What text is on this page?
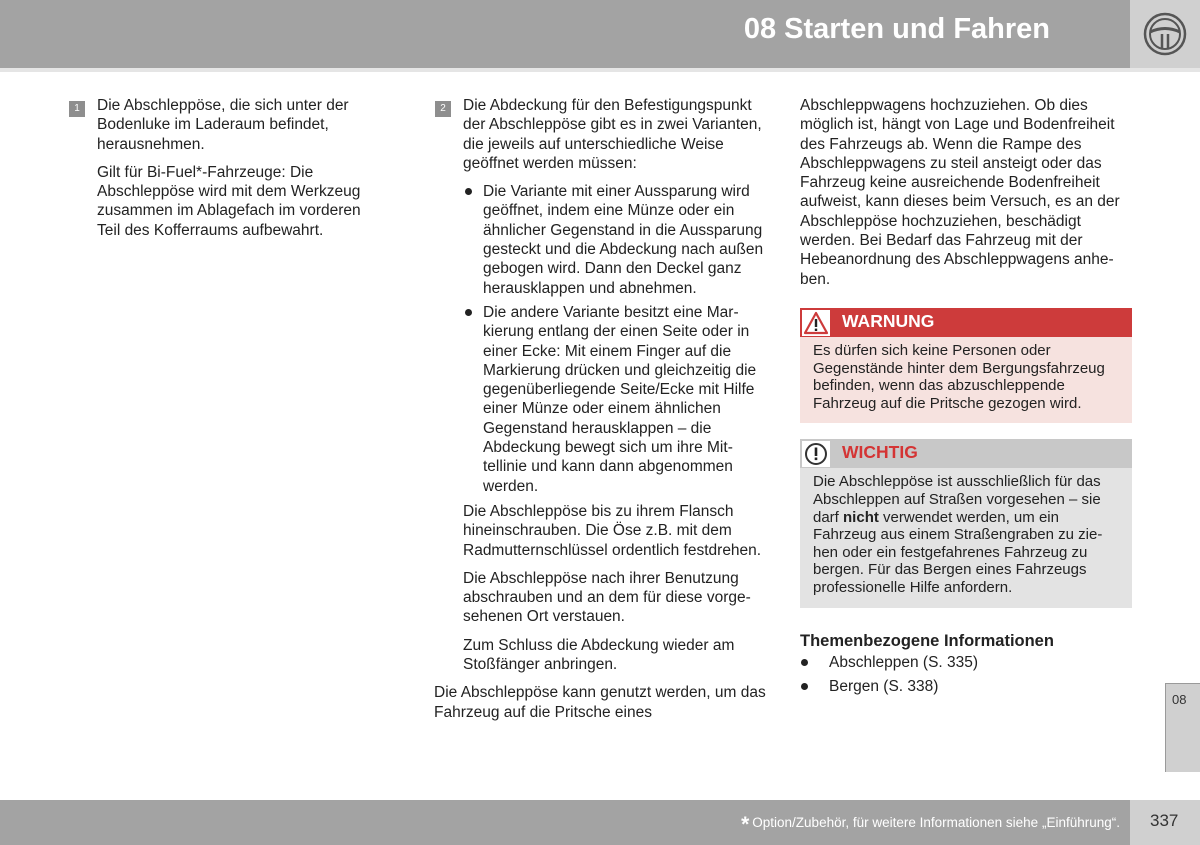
08 Starten und Fahren
1	Die Abschleppöse, die sich unter der Bodenluke im Laderaum befindet, herausnehmen.

Gilt für Bi-Fuel*-Fahrzeuge: Die Abschleppöse wird mit dem Werkzeug zusammen im Ablagefach im vorderen Teil des Kofferraums aufbewahrt.

2	Die Abdeckung für den Befestigungspunkt der Abschleppöse gibt es in zwei Varianten, die jeweils auf unterschiedliche Weise geöffnet werden müssen:

Die Variante mit einer Aussparung wird geöffnet, indem eine Münze oder ein ähnlicher Gegenstand in die Aussparung gesteckt und die Abdeckung nach außen gebogen wird. Dann den Deckel ganz herausklappen und abnehmen.
Die andere Variante besitzt eine Markierung entlang der einen Seite oder in einer Ecke: Mit einem Finger auf die Markierung drücken und gleichzeitig die gegenüberliegende Seite/Ecke mit Hilfe einer Münze oder einem ähnlichen Gegenstand herausklappen – die Abdeckung bewegt sich um ihre Mittellinie und kann dann abgenommen werden.

Die Abschleppöse bis zu ihrem Flansch hineinschrauben. Die Öse z.B. mit dem Radmutternschlüssel ordentlich festdrehen.

Die Abschleppöse nach ihrer Benutzung abschrauben und an dem für diese vorgesehenen Ort verstauen.

Zum Schluss die Abdeckung wieder am Stoßfänger anbringen.

Die Abschleppöse kann genutzt werden, um das Fahrzeug auf die Pritsche eines

Abschleppwagens hochzuziehen. Ob dies möglich ist, hängt von Lage und Bodenfreiheit des Fahrzeugs ab. Wenn die Rampe des Abschleppwagens zu steil ansteigt oder das Fahrzeug keine ausreichende Bodenfreiheit aufweist, kann dieses beim Versuch, es an der Abschleppöse hochzuziehen, beschädigt werden. Bei Bedarf das Fahrzeug mit der Hebeanordnung des Abschleppwagens anheben.

WARNUNG
Es dürfen sich keine Personen oder Gegenstände hinter dem Bergungsfahrzeug befinden, wenn das abzuschleppende Fahrzeug auf die Pritsche gezogen wird.
WICHTIG
Die Abschleppöse ist ausschließlich für das Abschleppen auf Straßen vorgesehen – sie darf nicht verwendet werden, um ein Fahrzeug aus einem Straßengraben zu ziehen oder ein festgefahrenes Fahrzeug zu bergen. Für das Bergen eines Fahrzeugs professionelle Hilfe anfordern.
Themenbezogene Informationen
Abschleppen (S. 335)
Bergen (S. 338)
08
* Option/Zubehör, für weitere Informationen siehe „Einführung“. 337
